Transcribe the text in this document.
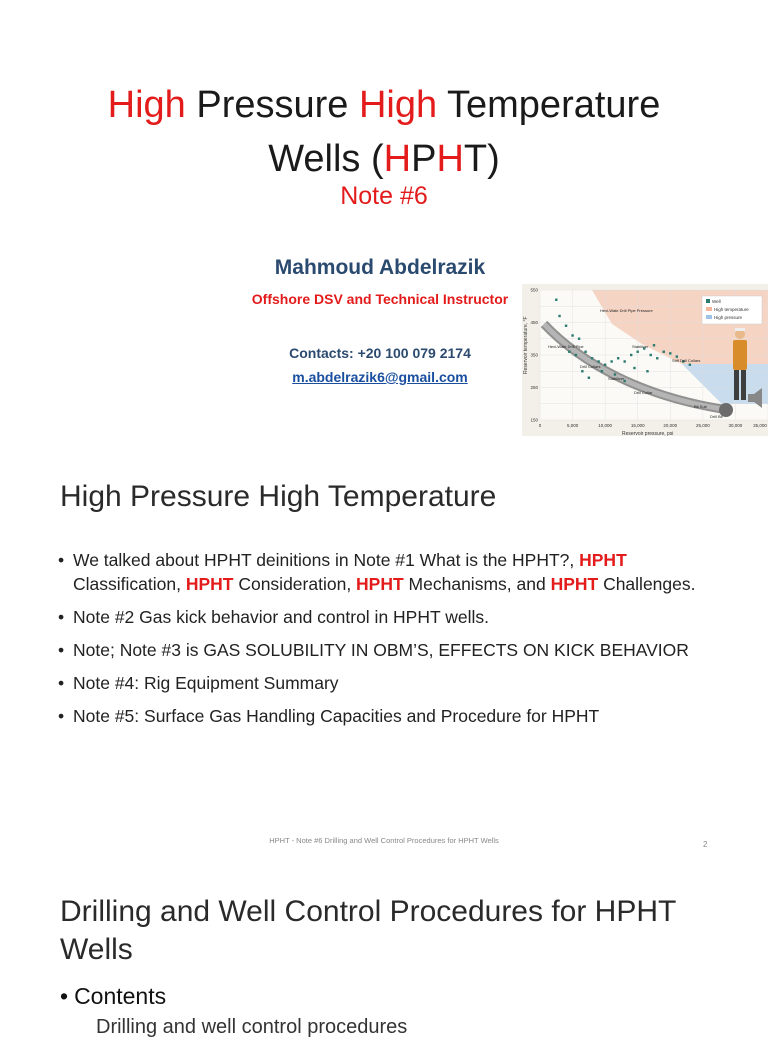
High Pressure High Temperature
Wells (HPHT)
Note #6
Mahmoud Abdelrazik
Offshore DSV and Technical Instructor
Contacts: +20 100 079 2174
m.abdelrazik6@gmail.com
150
250
350
450
550
0	5,000	10,000	15,000	20,000	25,000	30,000 35,000
Reservoir temperature, °F
Reservoir pressure, psi
Well
High temperature
High pressure
Hevi-Wate Drill Pipe Pressure
Hevi-Wate Drill Pipe
Drill Collars
Stiff Drill Collars
Drill Collar
Bit Sub
Drill Bit
Stabilizer
Stabilizer
High Pressure High Temperature
• We talked about HPHT deinitions in Note #1 What is the HPHT?, HPHT Classification, HPHT Consideration, HPHT Mechanisms, and HPHT Challenges.
• Note #2 Gas kick behavior and control in HPHT wells.
• Note; Note #3 is GAS SOLUBILITY IN OBM’S, EFFECTS ON KICK BEHAVIOR
• Note #4: Rig Equipment Summary
• Note #5: Surface Gas Handling Capacities and Procedure for HPHT
HPHT - Note #6 Drilling and Well Control Procedures for HPHT Wells	2
Drilling and Well Control Procedures for HPHT Wells
• Contents
Drilling and well control procedures
